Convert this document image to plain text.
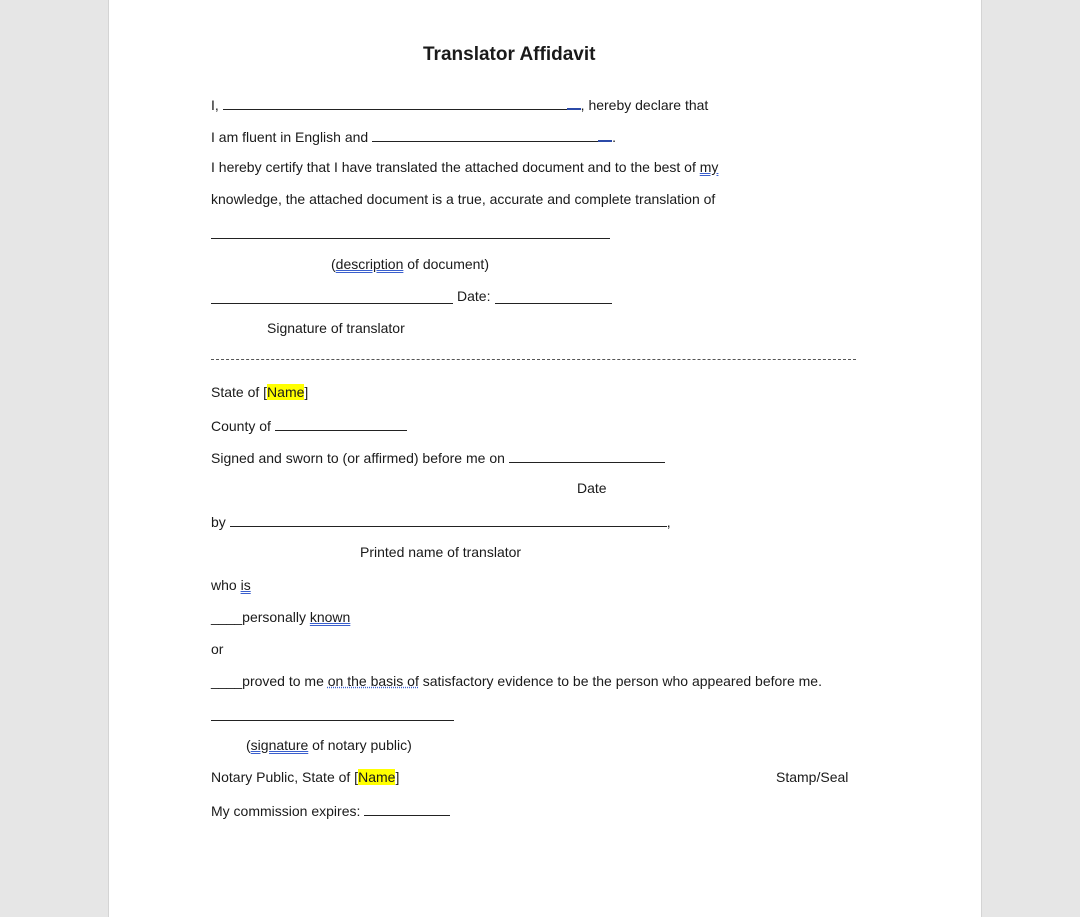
Translator Affidavit
I,	, hereby declare that
I am fluent in English and	.
I hereby certify that I have translated the attached document and to the best of my
knowledge, the attached document is a true, accurate and complete translation of
(description of document)
Date:
Signature of translator
State of [Name]
County of
Signed and sworn to (or affirmed) before me on
Date
by	,
Printed name of translator
who is
____personally known
or
____proved to me on the basis of satisfactory evidence to be the person who appeared before me.
(signature of notary public)
Notary Public, State of [Name]	Stamp/Seal
My commission expires:
